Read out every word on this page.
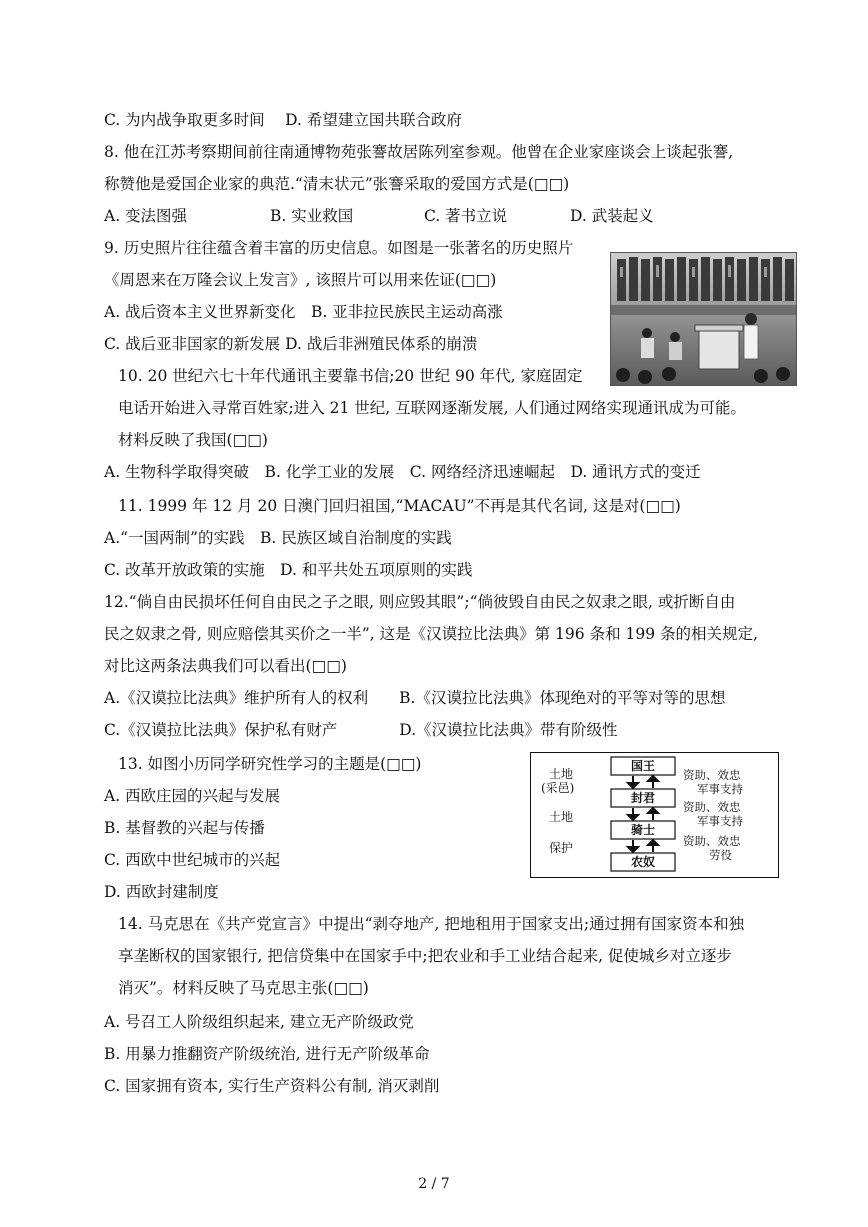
C. 为内战争取更多时间　 D. 希望建立国共联合政府
8. 他在江苏考察期间前往南通博物苑张謇故居陈列室参观。他曾在企业家座谈会上谈起张謇,
称赞他是爱国企业家的典范.“清末状元”张謇采取的爱国方式是(□□)
A. 变法图强	B. 实业救国	C. 著书立说	D. 武装起义
9. 历史照片往往蕴含着丰富的历史信息。如图是一张著名的历史照片
《周恩来在万隆会议上发言》, 该照片可以用来佐证(□□)
A. 战后资本主义世界新变化　B. 亚非拉民族民主运动高涨
C. 战后亚非国家的新发展 D. 战后非洲殖民体系的崩溃
10. 20 世纪六七十年代通讯主要靠书信;20 世纪 90 年代, 家庭固定
电话开始进入寻常百姓家;进入 21 世纪, 互联网逐渐发展, 人们通过网络实现通讯成为可能。
材料反映了我国(□□)
A. 生物科学取得突破　B. 化学工业的发展　C. 网络经济迅速崛起　D. 通讯方式的变迁
11. 1999 年 12 月 20 日澳门回归祖国,“MACAU”不再是其代名词, 这是对(□□)
A.“一国两制”的实践　B. 民族区域自治制度的实践
C. 改革开放政策的实施　D. 和平共处五项原则的实践
12.“倘自由民损坏任何自由民之子之眼, 则应毁其眼”;“倘彼毁自由民之奴隶之眼, 或折断自由
民之奴隶之骨, 则应赔偿其买价之一半”, 这是《汉谟拉比法典》第 196 条和 199 条的相关规定,
对比这两条法典我们可以看出(□□)
A.《汉谟拉比法典》维护所有人的权利　　B.《汉谟拉比法典》体现绝对的平等对等的思想
C.《汉谟拉比法典》保护私有财产　　　　D.《汉谟拉比法典》带有阶级性
13. 如图小历同学研究性学习的主题是(□□)
A. 西欧庄园的兴起与发展
B. 基督教的兴起与传播
C. 西欧中世纪城市的兴起
D. 西欧封建制度
14. 马克思在《共产党宣言》中提出“剥夺地产, 把地租用于国家支出;通过拥有国家资本和独
享垄断权的国家银行, 把信贷集中在国家手中;把农业和手工业结合起来, 促使城乡对立逐步
消灭”。材料反映了马克思主张(□□)
A. 号召工人阶级组织起来, 建立无产阶级政党
B. 用暴力推翻资产阶级统治, 进行无产阶级革命
C. 国家拥有资本, 实行生产资料公有制, 消灭剥削
国王
封君
骑士
农奴
土地
(采邑)
土地
保护
资助、效忠
军事支持
资助、效忠
军事支持
资助、效忠
劳役
2 / 7
